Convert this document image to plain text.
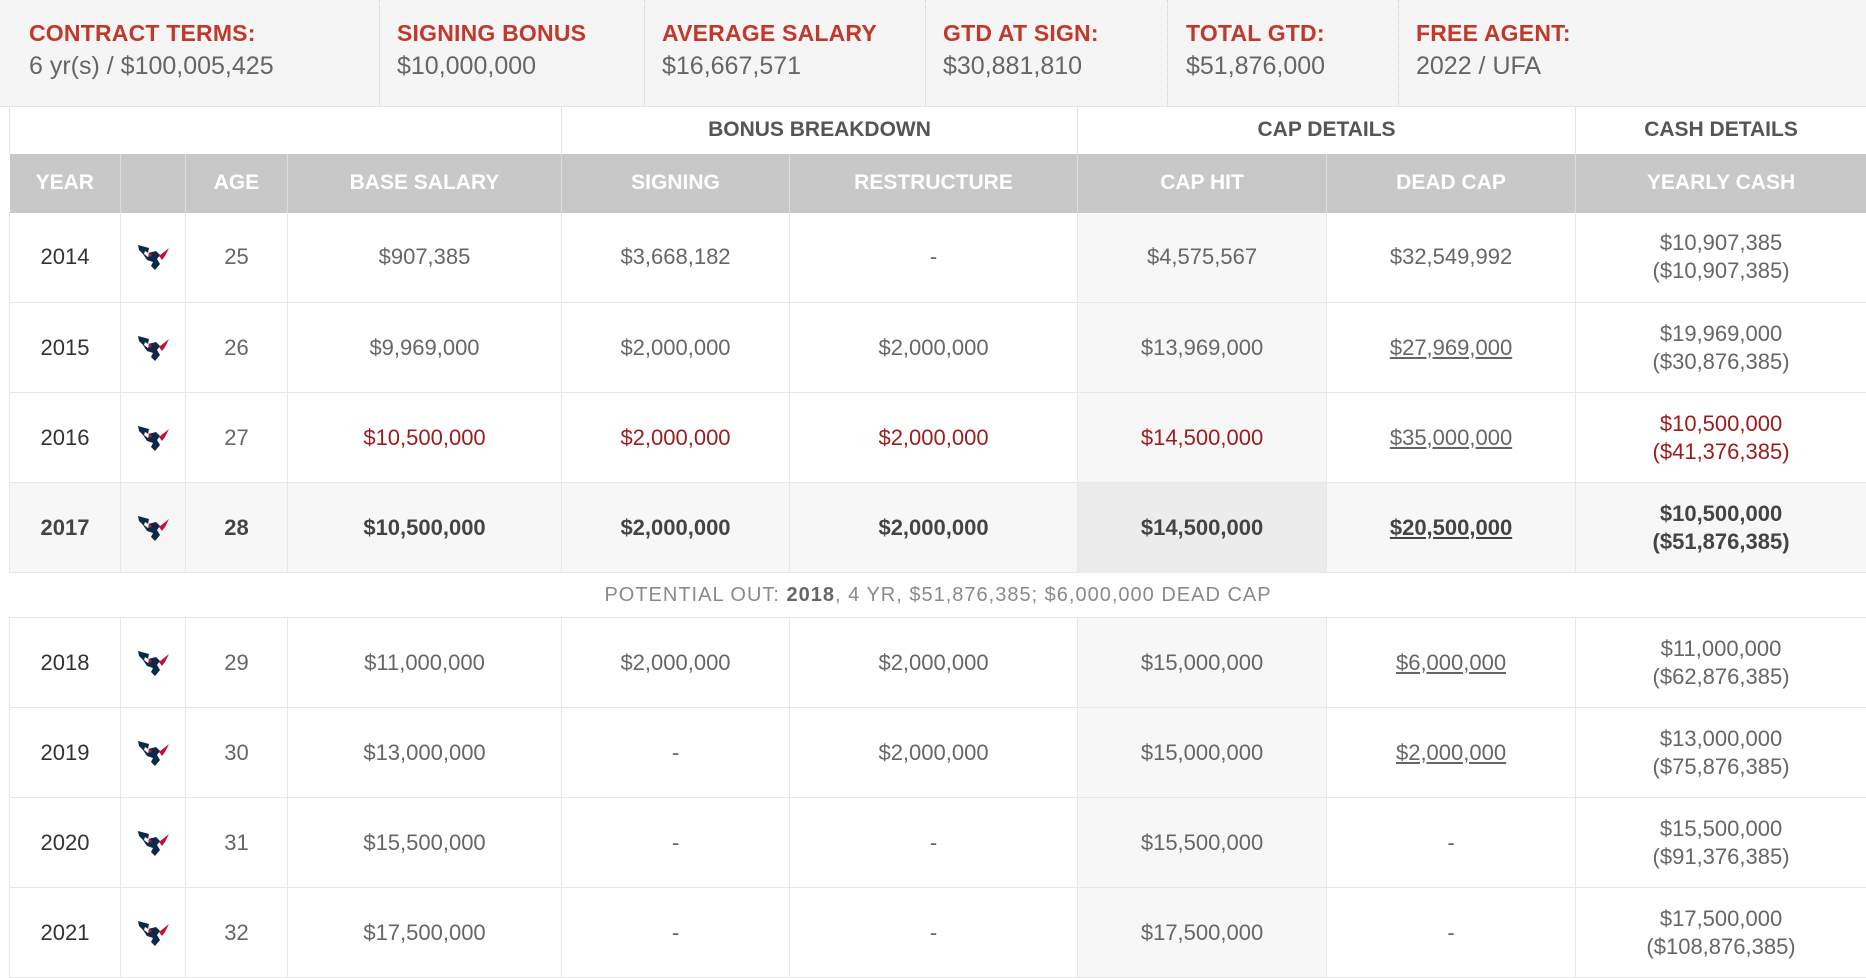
CONTRACT TERMS:
6 yr(s) / $100,005,425
SIGNING BONUS
$10,000,000
AVERAGE SALARY
$16,667,571
GTD AT SIGN:
$30,881,810
TOTAL GTD:
$51,876,000
FREE AGENT:
2022 / UFA
				BONUS BREAKDOWN		CAP DETAILS		CASH DETAILS
YEAR		AGE	BASE SALARY	SIGNING	RESTRUCTURE	CAP HIT	DEAD CAP	YEARLY CASH
2014		25	$907,385	$3,668,182	-	$4,575,567	$32,549,992	$10,907,385
($10,907,385)
2015		26	$9,969,000	$2,000,000	$2,000,000	$13,969,000	$27,969,000	$19,969,000
($30,876,385)
2016		27	$10,500,000	$2,000,000	$2,000,000	$14,500,000	$35,000,000	$10,500,000
($41,376,385)
2017		28	$10,500,000	$2,000,000	$2,000,000	$14,500,000	$20,500,000	$10,500,000
($51,876,385)
POTENTIAL OUT: 2018, 4 YR, $51,876,385; $6,000,000 DEAD CAP								
2018		29	$11,000,000	$2,000,000	$2,000,000	$15,000,000	$6,000,000	$11,000,000
($62,876,385)
2019		30	$13,000,000	-	$2,000,000	$15,000,000	$2,000,000	$13,000,000
($75,876,385)
2020		31	$15,500,000	-	-	$15,500,000	-	$15,500,000
($91,376,385)
2021		32	$17,500,000	-	-	$17,500,000	-	$17,500,000
($108,876,385)
